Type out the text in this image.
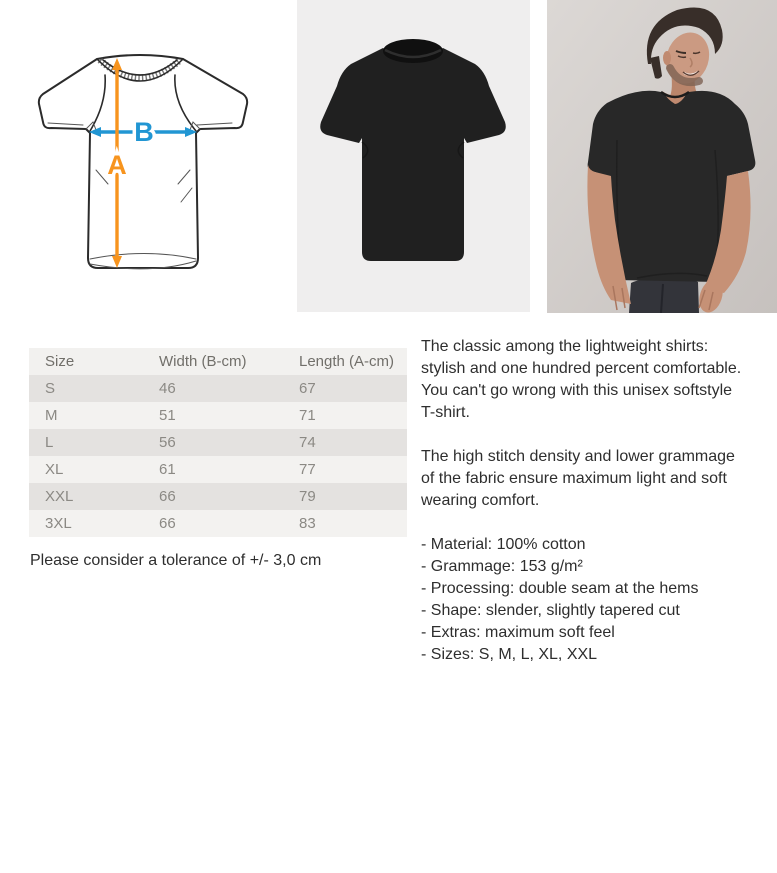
B
A
Size	Width (B-cm)	Length (A-cm)
S	46	67
M	51	71
L	56	74
XL	61	77
XXL	66	79
3XL	66	83
Please consider a tolerance of +/- 3,0 cm
The classic among the lightweight shirts:
stylish and one hundred percent comfortable.
You can't go wrong with this unisex softstyle
T-shirt.
The high stitch density and lower grammage
of the fabric ensure maximum light and soft
wearing comfort.
- Material: 100% cotton
- Grammage: 153 g/m²
- Processing: double seam at the hems
- Shape: slender, slightly tapered cut
- Extras: maximum soft feel
- Sizes: S, M, L, XL, XXL
